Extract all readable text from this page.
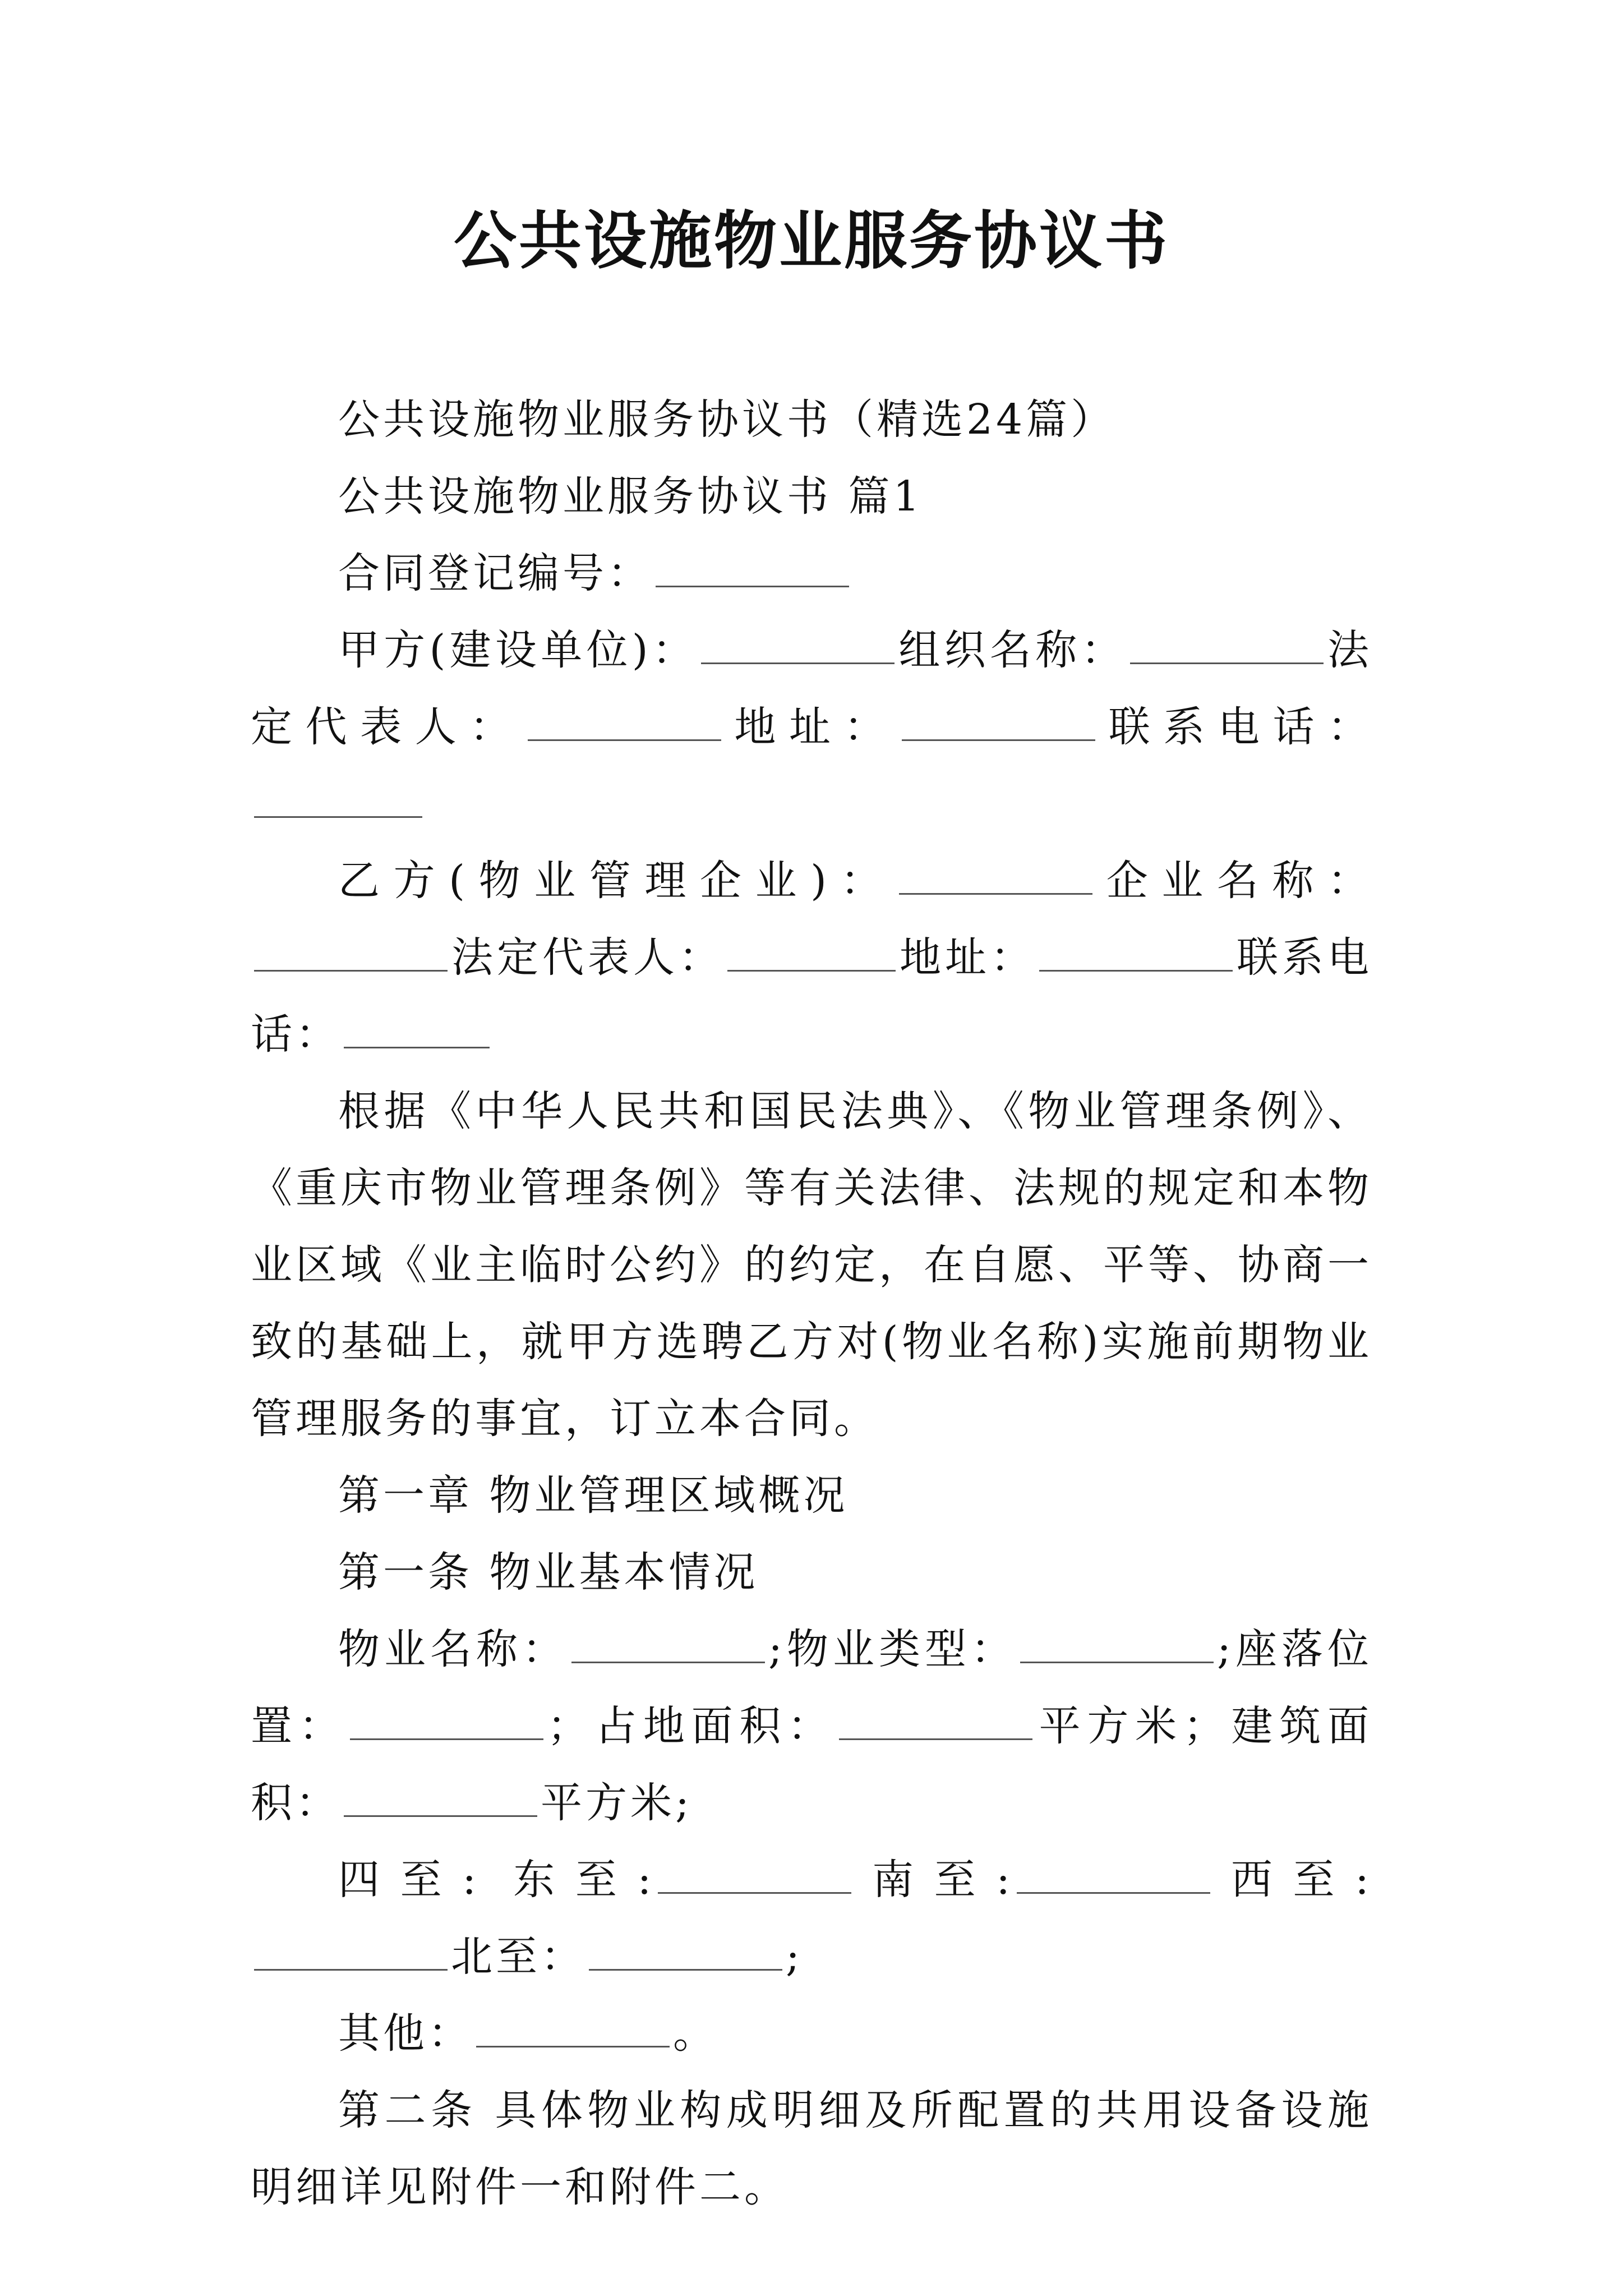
公共设施物业服务协议书

公共设施物业服务协议书（精选24篇）

公共设施物业服务协议书 篇1

合同登记编号：

甲方(建设单位)：	组织名称：	法定代表人：	地址：	联系电话：

乙方(物业管理企业)：	企业名称：法定代表人：	地址：	联系电话：

根据《中华人民共和国民法典》、《物业管理条例》、《重庆市物业管理条例》等有关法律、法规的规定和本物业区域《业主临时公约》的约定，在自愿、平等、协商一致的基础上，就甲方选聘乙方对(物业名称)实施前期物业管理服务的事宜，订立本合同。

第一章 物业管理区域概况

第一条 物业基本情况

物业名称：	;物业类型：	;座落位置：	；占地面积：	平方米；建筑面积：	平方米;

四至: 东至:	南至:	西至:北至：	;

其他：	。

第二条 具体物业构成明细及所配置的共用设备设施明细详见附件一和附件二。
